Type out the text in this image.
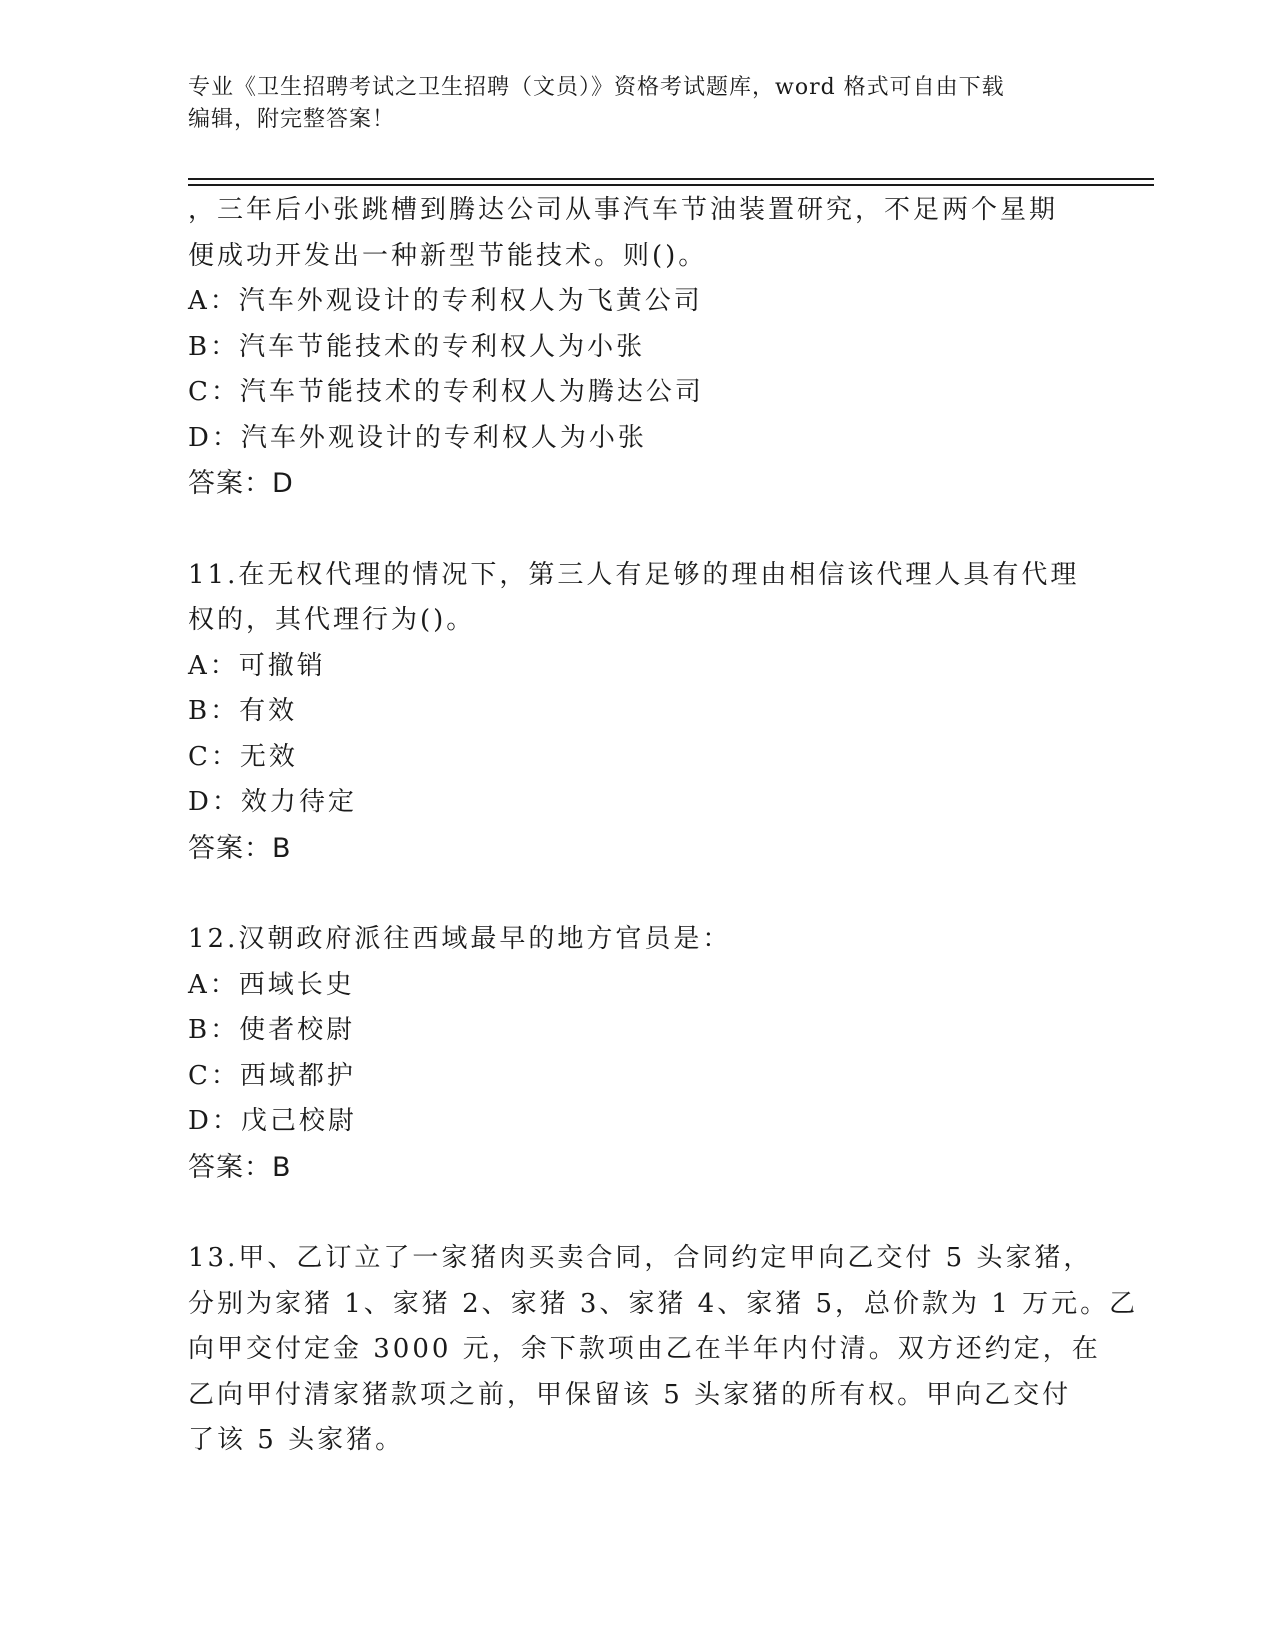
专业《卫生招聘考试之卫生招聘（文员）》资格考试题库，word 格式可自由下载
编辑，附完整答案！
，三年后小张跳槽到腾达公司从事汽车节油装置研究，不足两个星期
便成功开发出一种新型节能技术。则()。
A：汽车外观设计的专利权人为飞黄公司
B：汽车节能技术的专利权人为小张
C：汽车节能技术的专利权人为腾达公司
D：汽车外观设计的专利权人为小张
答案：D
11.在无权代理的情况下，第三人有足够的理由相信该代理人具有代理
权的，其代理行为()。
A：可撤销
B：有效
C：无效
D：效力待定
答案：B
12.汉朝政府派往西域最早的地方官员是：
A：西域长史
B：使者校尉
C：西域都护
D：戊己校尉
答案：B
13.甲、乙订立了一家猪肉买卖合同，合同约定甲向乙交付 5 头家猪，
分别为家猪 1、家猪 2、家猪 3、家猪 4、家猪 5，总价款为 1 万元。乙
向甲交付定金 3000 元，余下款项由乙在半年内付清。双方还约定，在
乙向甲付清家猪款项之前，甲保留该 5 头家猪的所有权。甲向乙交付
了该 5 头家猪。
